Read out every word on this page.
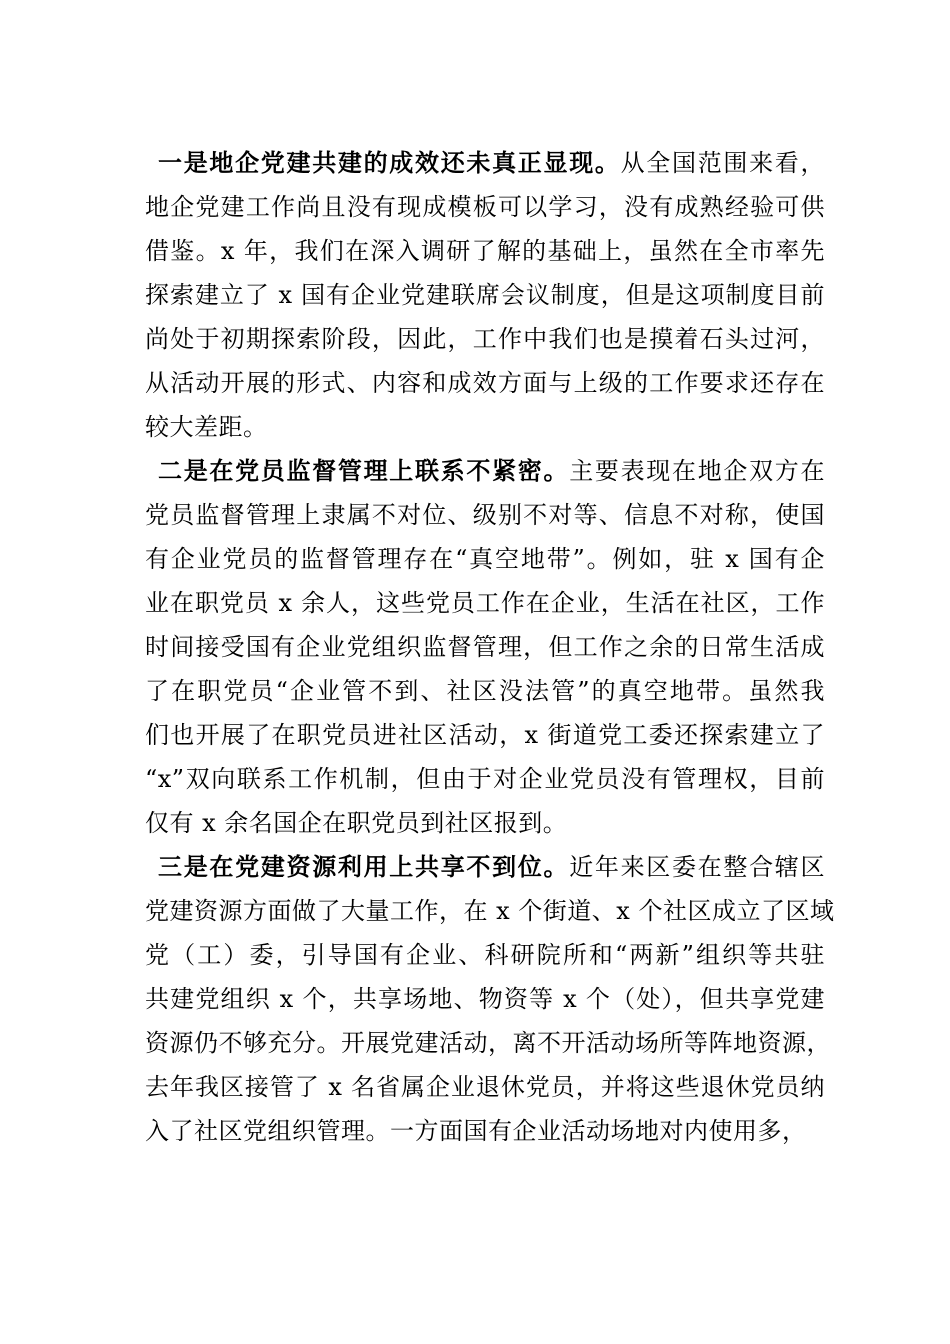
一是地企党建共建的成效还未真正显现。从全国范围来看，
地企党建工作尚且没有现成模板可以学习，没有成熟经验可供
借鉴。x 年，我们在深入调研了解的基础上，虽然在全市率先
探索建立了 x 国有企业党建联席会议制度，但是这项制度目前
尚处于初期探索阶段，因此，工作中我们也是摸着石头过河，
从活动开展的形式、内容和成效方面与上级的工作要求还存在
较大差距。
二是在党员监督管理上联系不紧密。主要表现在地企双方在
党员监督管理上隶属不对位、级别不对等、信息不对称，使国
有企业党员的监督管理存在“真空地带”。例如，驻 x 国有企
业在职党员 x 余人，这些党员工作在企业，生活在社区，工作
时间接受国有企业党组织监督管理，但工作之余的日常生活成
了在职党员“企业管不到、社区没法管”的真空地带。虽然我
们也开展了在职党员进社区活动，x 街道党工委还探索建立了
“x”双向联系工作机制，但由于对企业党员没有管理权，目前
仅有 x 余名国企在职党员到社区报到。
三是在党建资源利用上共享不到位。近年来区委在整合辖区
党建资源方面做了大量工作，在 x 个街道、x 个社区成立了区域
党（工）委，引导国有企业、科研院所和“两新”组织等共驻
共建党组织 x 个，共享场地、物资等 x 个（处），但共享党建
资源仍不够充分。开展党建活动，离不开活动场所等阵地资源，
去年我区接管了 x 名省属企业退休党员，并将这些退休党员纳
入了社区党组织管理。一方面国有企业活动场地对内使用多，
